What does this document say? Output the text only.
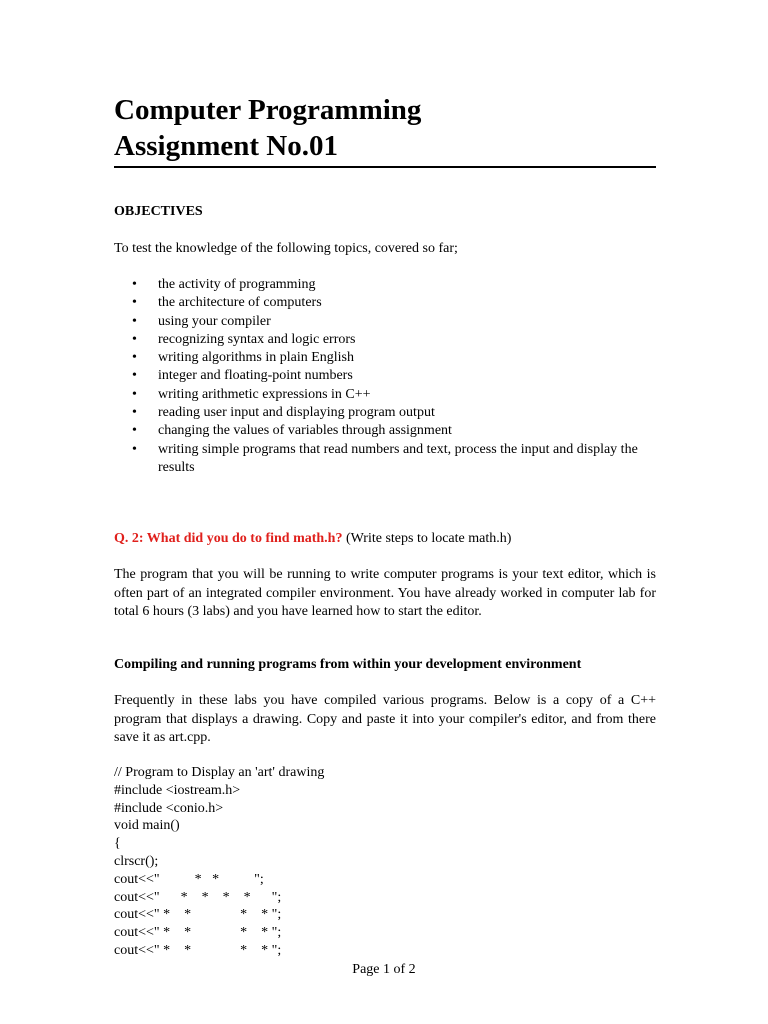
Computer Programming
Assignment No.01
OBJECTIVES
To test the knowledge of the following topics, covered so far;
• the activity of programming
• the architecture of computers
• using your compiler
• recognizing syntax and logic errors
• writing algorithms in plain English
• integer and floating-point numbers
• writing arithmetic expressions in C++
• reading user input and displaying program output
• changing the values of variables through assignment
• writing simple programs that read numbers and text, process the input and display the results
Q. 2: What did you do to find math.h? (Write steps to locate math.h)
The program that you will be running to write computer programs is your text editor, which is often part of an integrated compiler environment. You have already worked in computer lab for total 6 hours (3 labs) and you have learned how to start the editor.
Compiling and running programs from within your development environment
Frequently in these labs you have compiled various programs. Below is a copy of a C++ program that displays a drawing. Copy and paste it into your compiler's editor, and from there save it as art.cpp.
// Program to Display an 'art' drawing
#include <iostream.h>
#include <conio.h>
void main()
{
clrscr();
cout<<"          *   *          ";
cout<<"      *    *    *    *      ";
cout<<" *    *              *    * ";
cout<<" *    *              *    * ";
cout<<" *    *              *    * ";
Page 1 of 2
